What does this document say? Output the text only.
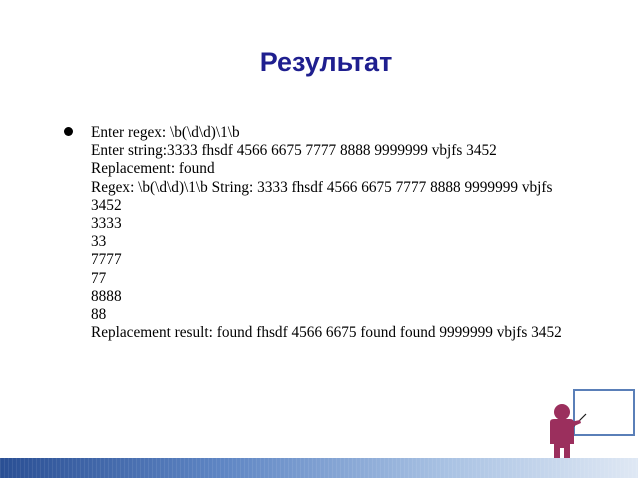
Результат
Enter regex: \b(\d\d)\1\b
Enter string:3333 fhsdf 4566 6675 7777 8888 9999999 vbjfs 3452
Replacement: found
Regex: \b(\d\d)\1\b String: 3333 fhsdf 4566 6675 7777 8888 9999999 vbjfs
3452
3333
33
7777
77
8888
88
Replacement result: found fhsdf 4566 6675 found found 9999999 vbjfs 3452
